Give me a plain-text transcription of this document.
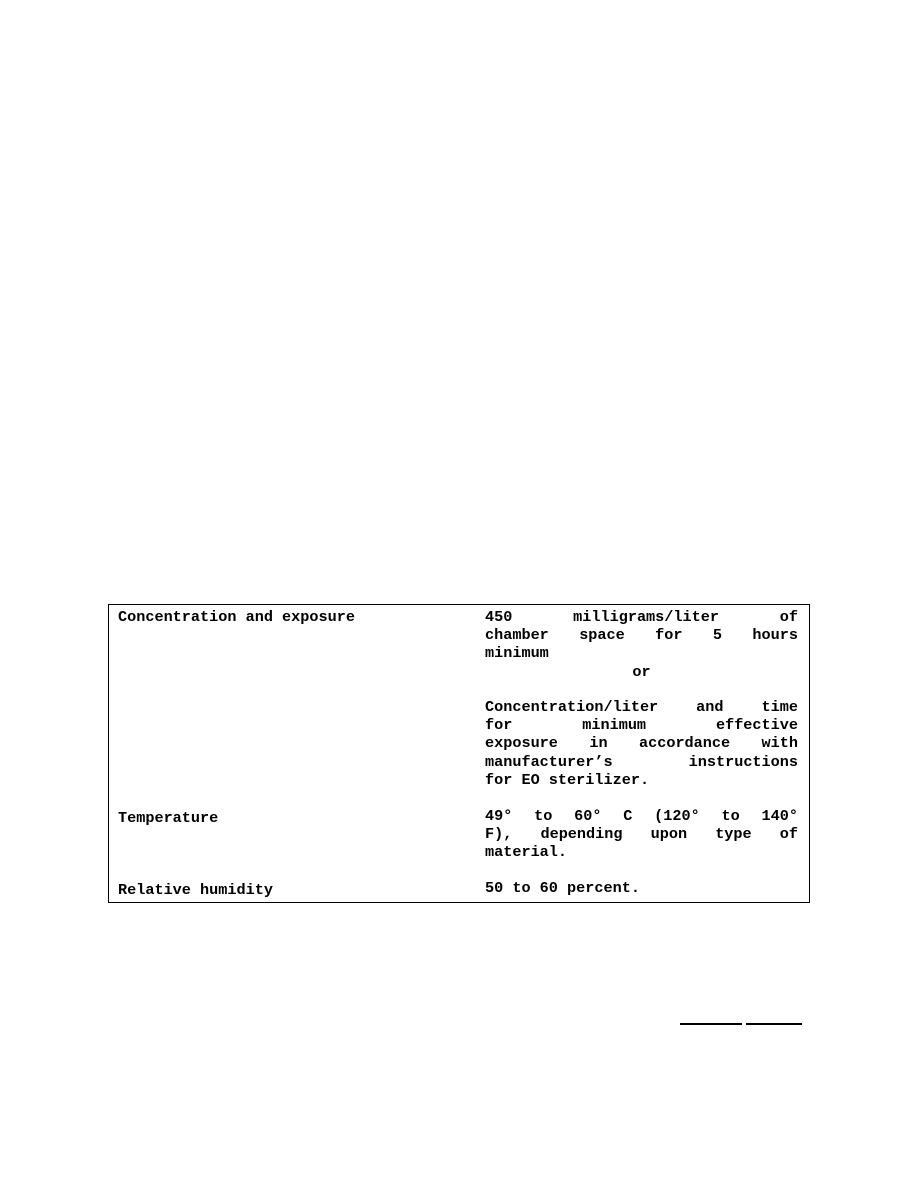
Concentration and exposure	450 milligrams/liter of

chamber space for 5 hours

minimum

or

Concentration/liter and time

for minimum effective

exposure in accordance with

manufacturer’s instructions

for EO sterilizer.

Temperature	49° to 60° C (120° to 140°

F), depending upon type of

material.

Relative humidity	50 to 60 percent.
